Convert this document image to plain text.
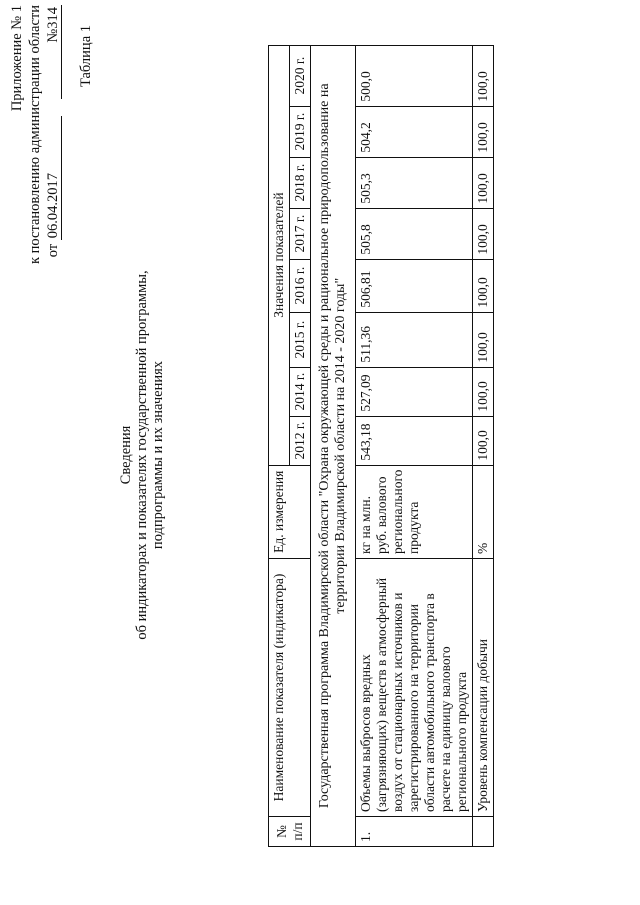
Приложение № 1 к постановлению администрации области от 06.04.2017  №314
Таблица 1
Сведения об индикаторах и показателях государственной программы, подпрограммы и их значениях
№ п/п	Наименование показателя (индикатора)	Ед. измерения	Значения показателей							
			2012 г.	2014 г.	2015 г.	2016 г.	2017 г.	2018 г.	2019 г.	2020 г.
Государственная программа Владимирской области "Охрана окружающей среды и рациональное природопользование на территории Владимирской области на 2014 - 2020 годы"										
1.	Объемы выбросов вредных (загрязняющих) веществ в атмосферный воздух от стационарных источников и зарегистрированного на территории области автомобильного транспорта в расчете на единицу валового регионального продукта	кг на млн. руб. валового регионального продукта	543,18	527,09	511,36	506,81	505,8	505,3	504,2	500,0
	Уровень компенсации добычи	%	100,0	100,0	100,0	100,0	100,0	100,0	100,0	100,0
